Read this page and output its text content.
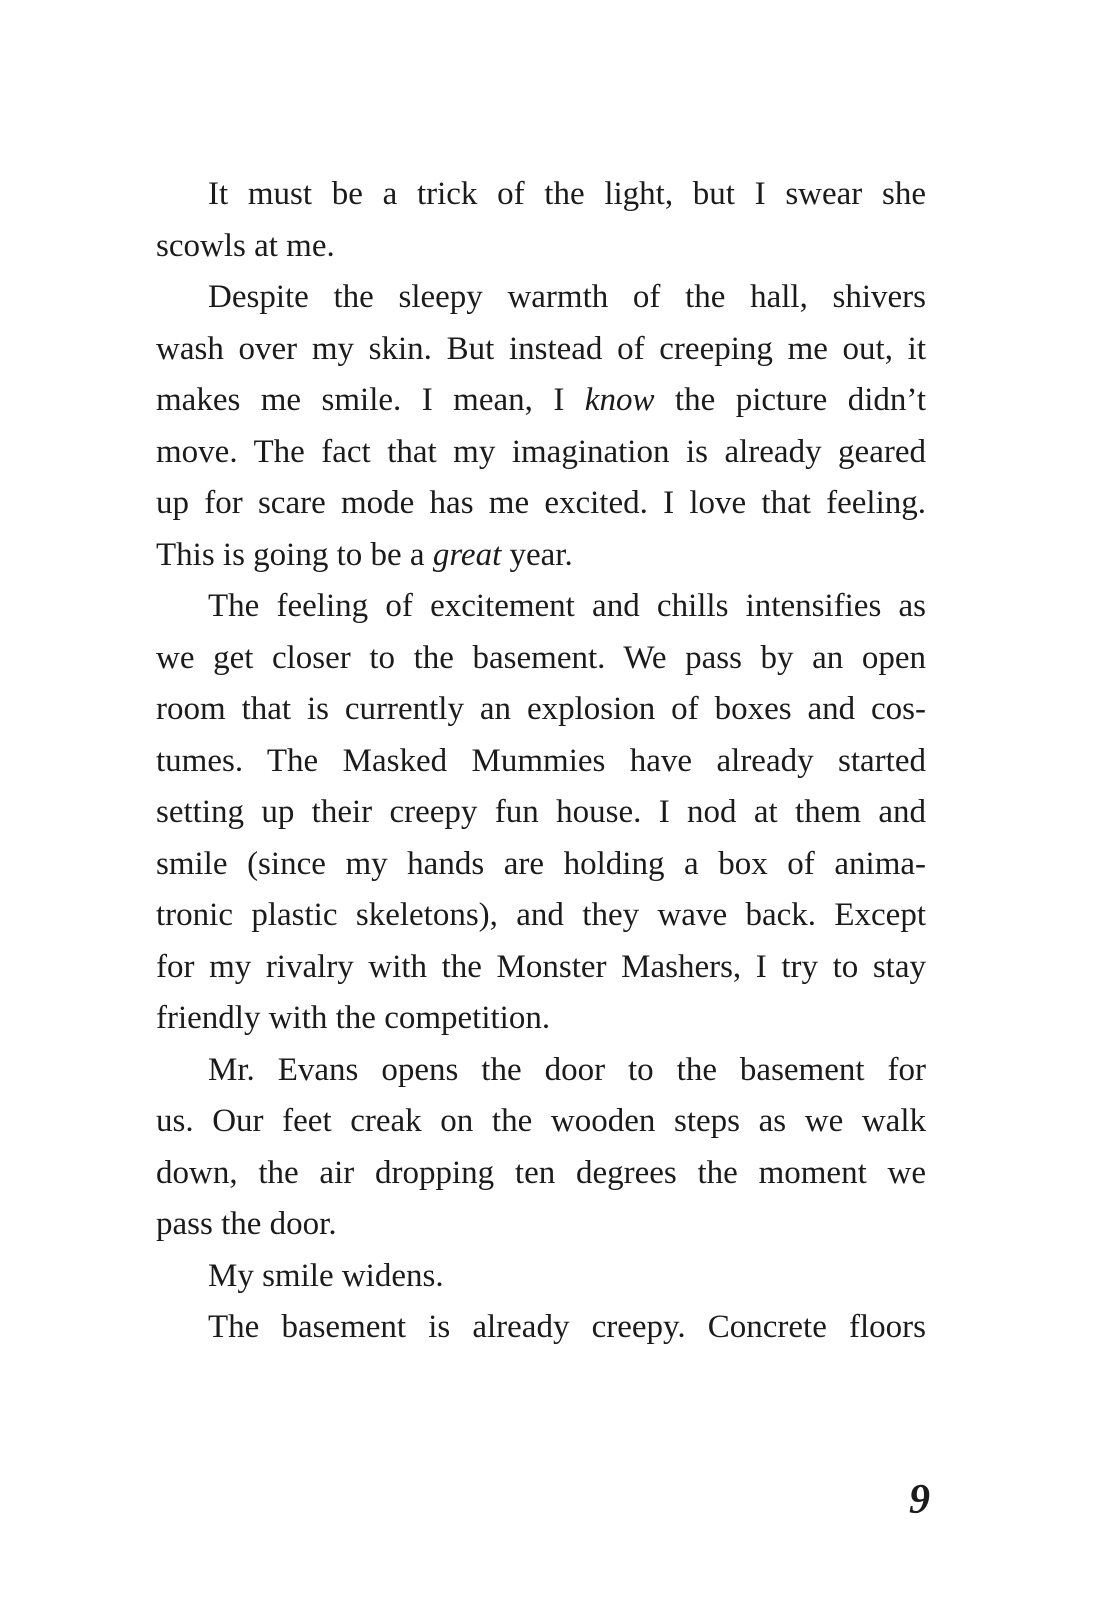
It must be a trick of the light, but I swear she
scowls at me.
Despite the sleepy warmth of the hall, shivers
wash over my skin. But instead of creeping me out, it
makes me smile. I mean, I know the picture didn’t
move. The fact that my imagination is already geared
up for scare mode has me excited. I love that feeling.
This is going to be a great year.
The feeling of excitement and chills intensifies as
we get closer to the basement. We pass by an open
room that is currently an explosion of boxes and cos-
tumes. The Masked Mummies have already started
setting up their creepy fun house. I nod at them and
smile (since my hands are holding a box of anima-
tronic plastic skeletons), and they wave back. Except
for my rivalry with the Monster Mashers, I try to stay
friendly with the competition.
Mr. Evans opens the door to the basement for
us. Our feet creak on the wooden steps as we walk
down, the air dropping ten degrees the moment we
pass the door.
My smile widens.
The basement is already creepy. Concrete floors
9
